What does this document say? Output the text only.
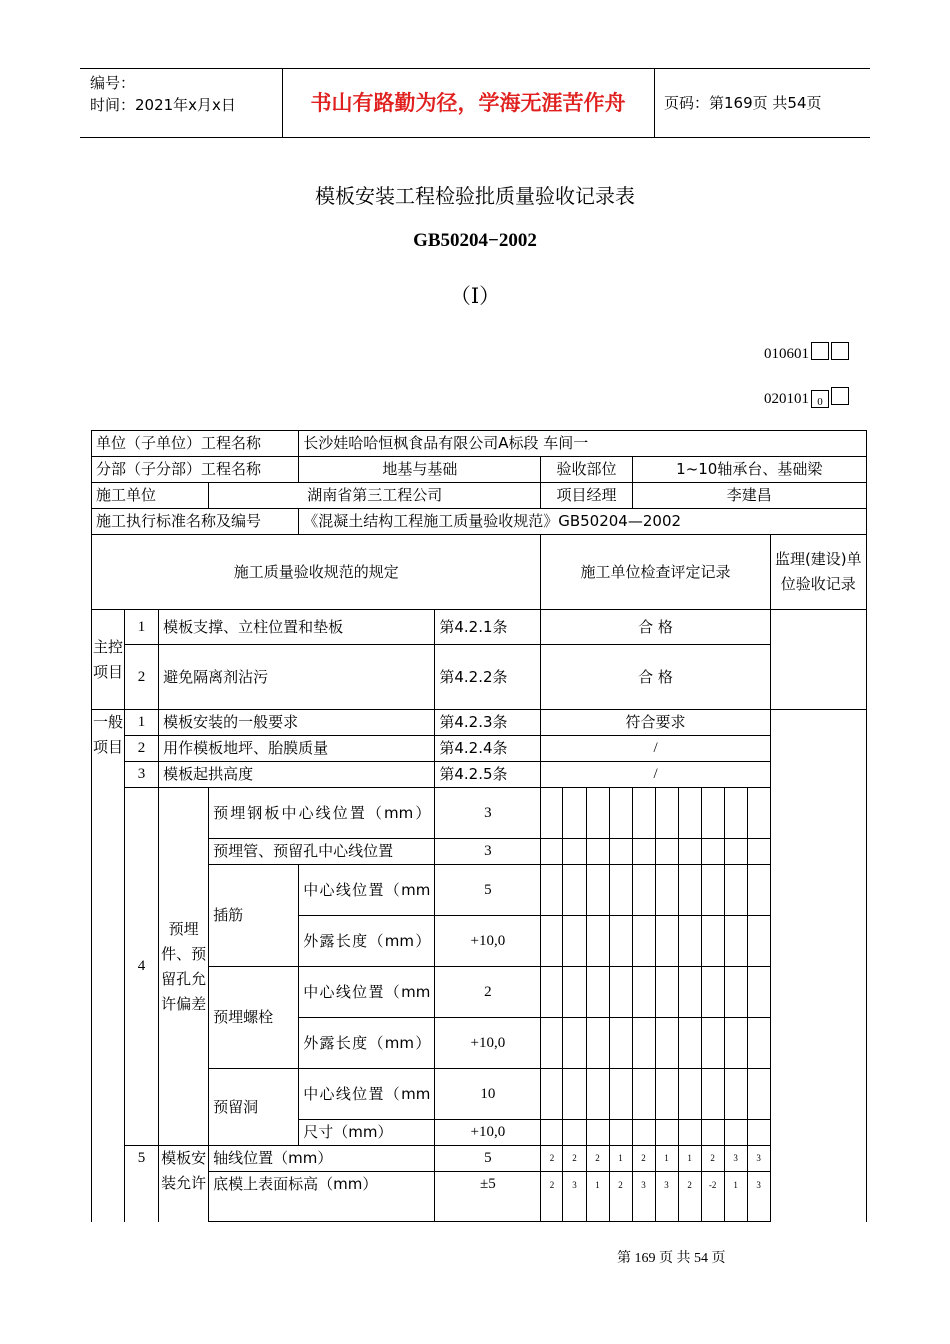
编号：
时间：2021年x月x日	书山有路勤为径，学海无涯苦作舟	页码：第169页 共54页
模板安装工程检验批质量验收记录表
GB50204−2002
（Ⅰ）
010601
020101 0
单位（子单位）工程名称				长沙娃哈哈恒枫食品有限公司A标段 车间一												
分部（子分部）工程名称				地基与基础		验收部位				1~10轴承台、基础梁						
施工单位			湖南省第三工程公司			项目经理				李建昌						
施工执行标准名称及编号				《混凝土结构工程施工质量验收规范》GB50204—2002												
施工质量验收规范的规定						施工单位检查评定记录										监理(建设)单位验收记录
主控项目	1	模板支撑、立柱位置和垫板			第4.2.1条	合 格										
	2	避免隔离剂沾污			第4.2.2条	合 格										
一般项目	1	模板安装的一般要求			第4.2.3条	符合要求										
	2	用作模板地坪、胎膜质量			第4.2.4条	/										
	3	模板起拱高度			第4.2.5条	/										
	4	预埋件、预留孔允许偏差	预埋钢板中心线位置（mm）		3											
			预埋管、预留孔中心线位置		3											
			插筋	中心线位置（mm	5											
				外露长度（mm）	+10,0											
			预埋螺栓	中心线位置（mm	2											
				外露长度（mm）	+10,0											
			预留洞	中心线位置（mm	10											
				尺寸（mm）	+10,0											
	5	模板安装允许	轴线位置（mm）		5	2	2	2	1	2	1	1	2	3	3	
			底模上表面标高（mm）		±5	2	3	1	2	3	3	2	-2	1	3	
第 169 页 共 54 页
